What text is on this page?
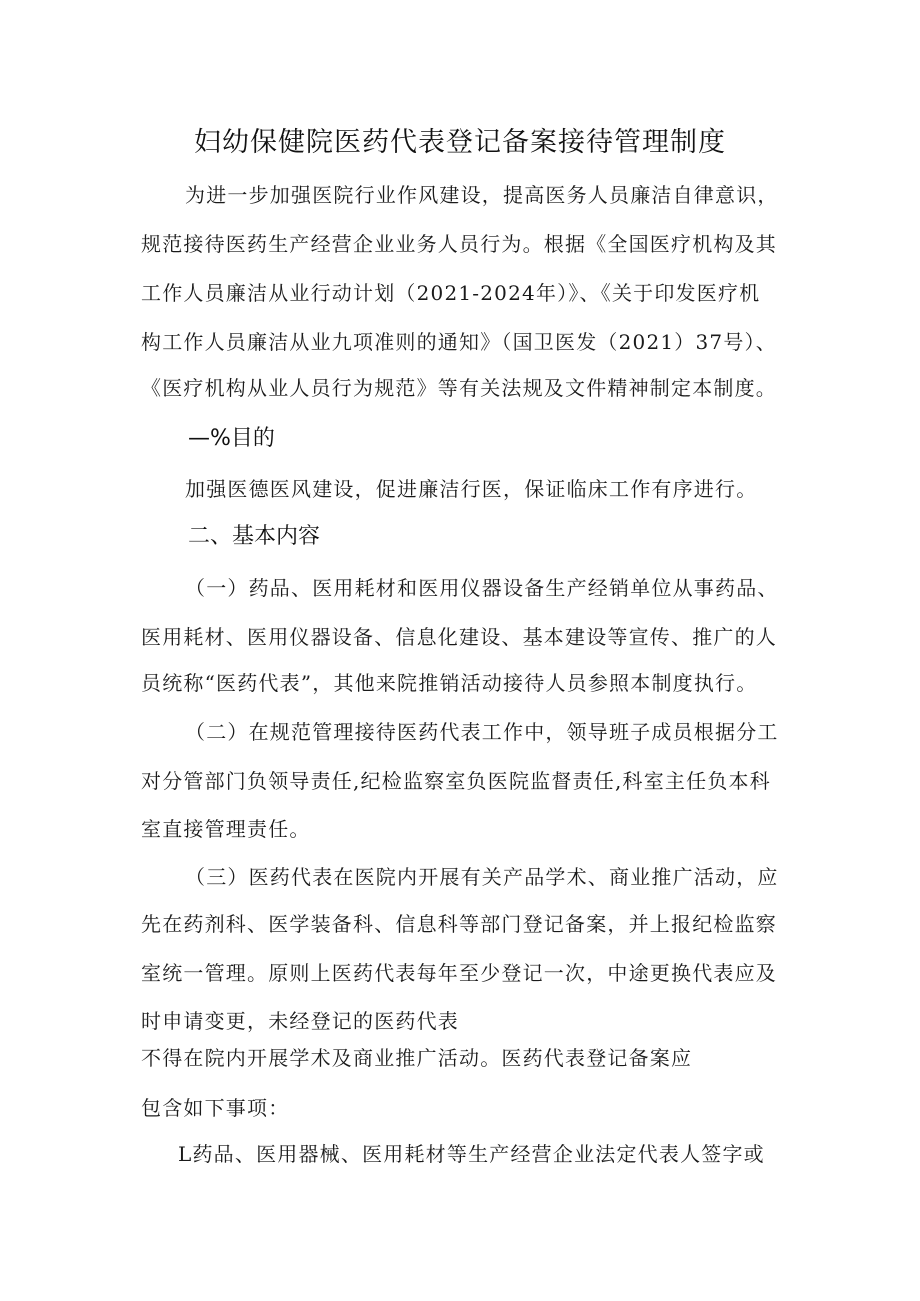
妇幼保健院医药代表登记备案接待管理制度
为进一步加强医院行业作风建设，提高医务人员廉洁自律意识，
规范接待医药生产经营企业业务人员行为。根据《全国医疗机构及其
工作人员廉洁从业行动计划（2021-2024年）》、《关于印发医疗机
构工作人员廉洁从业九项准则的通知》（国卫医发（2021）37号）、
《医疗机构从业人员行为规范》等有关法规及文件精神制定本制度。
—%目的
加强医德医风建设，促进廉洁行医，保证临床工作有序进行。
二、基本内容
（一）药品、医用耗材和医用仪器设备生产经销单位从事药品、
医用耗材、医用仪器设备、信息化建设、基本建设等宣传、推广的人
员统称“医药代表”，其他来院推销活动接待人员参照本制度执行。
（二）在规范管理接待医药代表工作中，领导班子成员根据分工
对分管部门负领导责任,纪检监察室负医院监督责任,科室主任负本科
室直接管理责任。
（三）医药代表在医院内开展有关产品学术、商业推广活动，应
先在药剂科、医学装备科、信息科等部门登记备案，并上报纪检监察
室统一管理。原则上医药代表每年至少登记一次，中途更换代表应及
时申请变更，未经登记的医药代表
不得在院内开展学术及商业推广活动。医药代表登记备案应
包含如下事项：
L药品、医用器械、医用耗材等生产经营企业法定代表人签字或
